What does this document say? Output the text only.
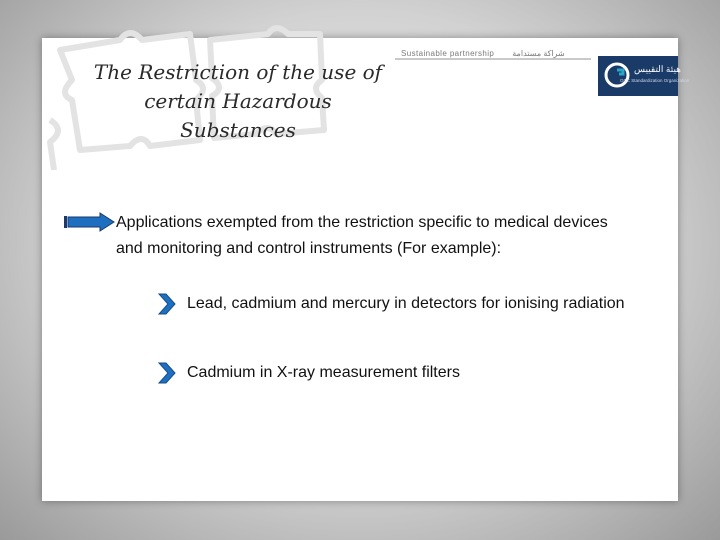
The Restriction of the use of
certain Hazardous Substances
Sustainable partnership شراكة مستدامة
هيئة التقييس
GCC Standardization Organization
Applications exempted from the restriction specific to medical devices and monitoring and control instruments (For example):
Lead, cadmium and mercury in detectors for ionising radiation
Cadmium in X-ray measurement filters
